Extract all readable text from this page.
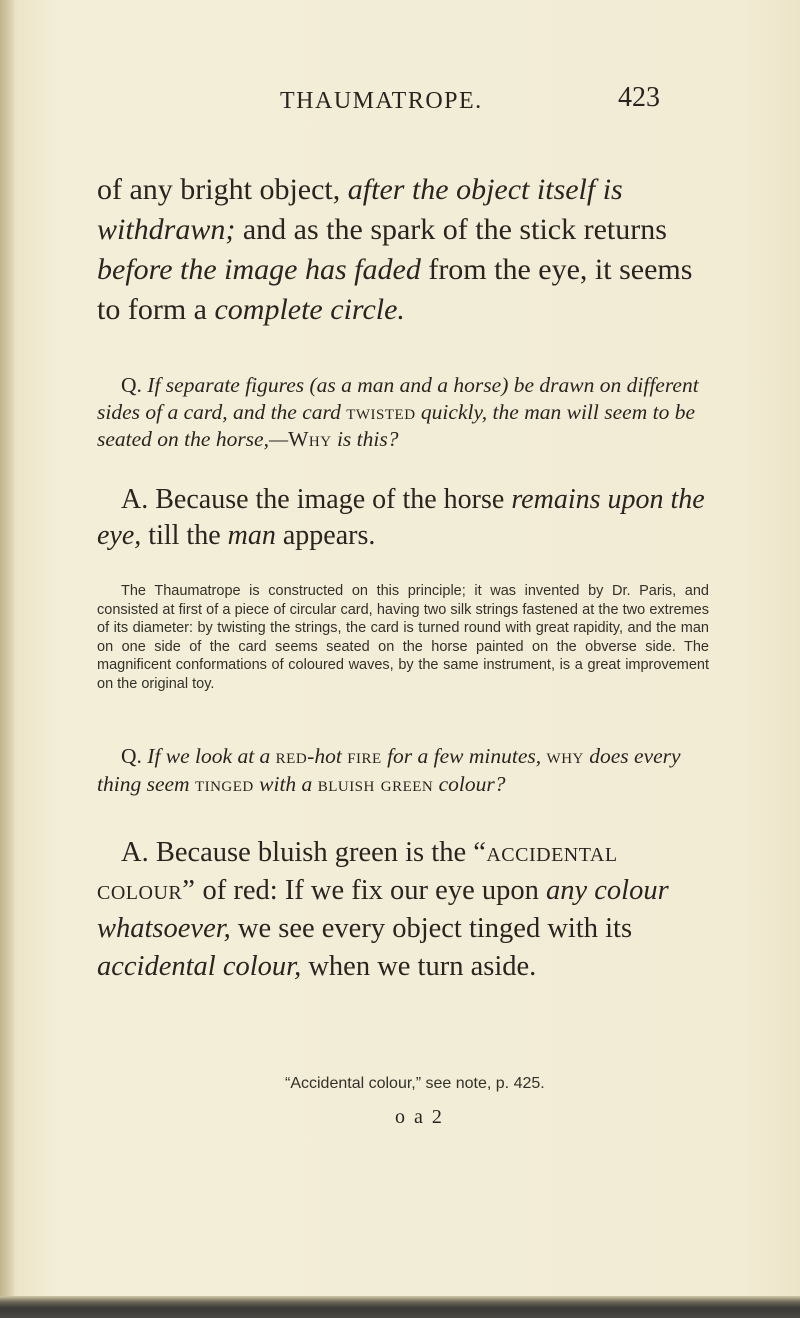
THAUMATROPE.	423
of any bright object, after the object itself is withdrawn; and as the spark of the stick returns before the image has faded from the eye, it seems to form a complete circle.
Q. If separate figures (as a man and a horse) be drawn on different sides of a card, and the card twisted quickly, the man will seem to be seated on the horse,—Why is this?
A. Because the image of the horse remains upon the eye, till the man appears.
The Thaumatrope is constructed on this principle; it was invented by Dr. Paris, and consisted at first of a piece of circular card, having two silk strings fastened at the two extremes of its diameter: by twisting the strings, the card is turned round with great rapidity, and the man on one side of the card seems seated on the horse painted on the obverse side. The magnificent conformations of coloured waves, by the same instrument, is a great improvement on the original toy.
Q. If we look at a red-hot fire for a few minutes, why does every thing seem tinged with a bluish green colour?
A. Because bluish green is the “accidental colour” of red: If we fix our eye upon any colour whatsoever, we see every object tinged with its accidental colour, when we turn aside.
“Accidental colour,” see note, p. 425.
o a 2
